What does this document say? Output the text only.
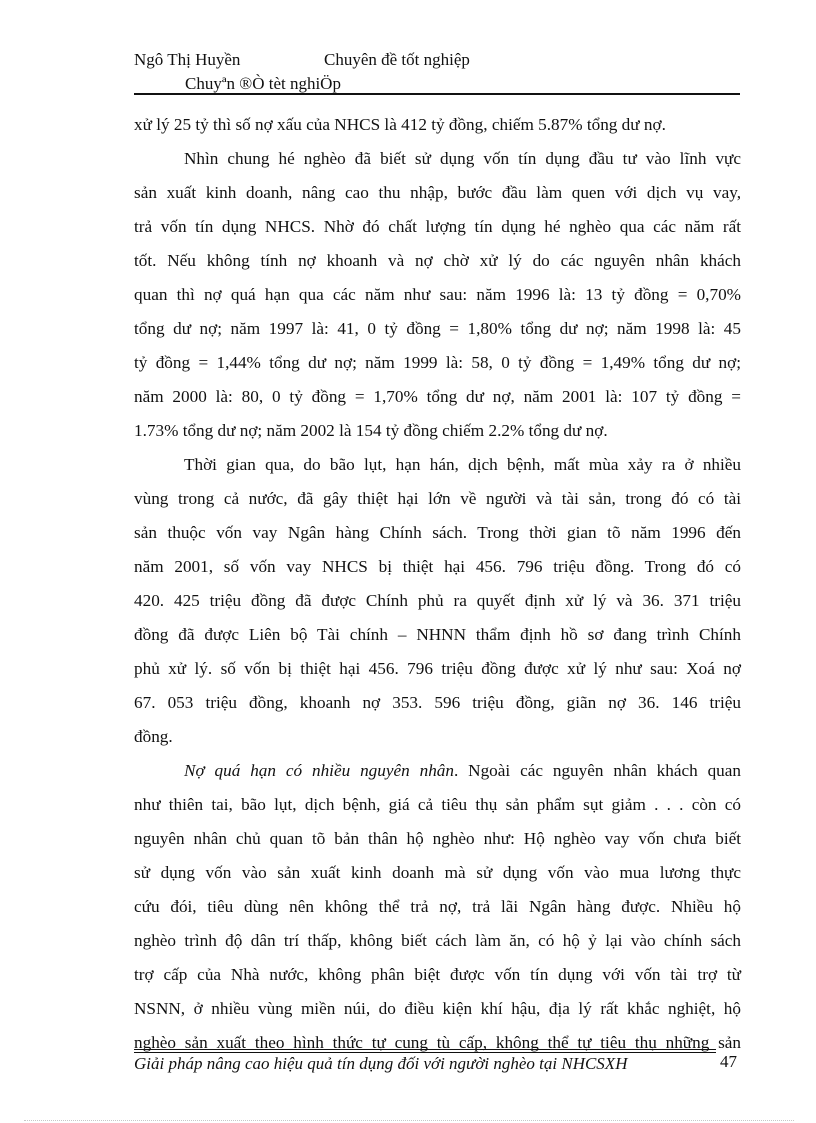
Ngô Thị Huyền	Chuyên đề tốt nghiệp
Chuyªn ®Ò tèt nghiÖp
xử lý 25 tỷ thì số nợ xấu của NHCS là 412 tỷ đồng, chiếm 5.87% tổng dư nợ.
Nhìn chung hé nghèo đã biết sử dụng vốn tín dụng đầu tư vào lĩnh vực
sản xuất kinh doanh, nâng cao thu nhập, bước đầu làm quen với dịch vụ vay,
trả vốn tín dụng NHCS. Nhờ đó chất lượng tín dụng hé nghèo qua các năm rất
tốt. Nếu không tính nợ khoanh và nợ chờ xử lý do các nguyên nhân khách
quan thì nợ quá hạn qua các năm như sau: năm 1996 là: 13 tỷ đồng = 0,70%
tổng dư nợ; năm 1997 là: 41, 0 tỷ đồng = 1,80% tổng dư nợ; năm 1998 là: 45
tỷ đồng = 1,44% tổng dư nợ; năm 1999 là: 58, 0 tỷ đồng = 1,49% tổng dư nợ;
năm 2000 là: 80, 0 tỷ đồng = 1,70% tổng dư nợ, năm 2001 là: 107 tỷ đồng =
1.73% tổng dư nợ; năm 2002 là 154 tỷ đồng chiếm 2.2% tổng dư nợ.
Thời gian qua, do bão lụt, hạn hán, dịch bệnh, mất mùa xảy ra ở nhiều
vùng trong cả nước, đã gây thiệt hại lớn về người và tài sản, trong đó có tài
sản thuộc vốn vay Ngân hàng Chính sách. Trong thời gian tõ năm 1996 đến
năm 2001, số vốn vay NHCS bị thiệt hại 456. 796 triệu đồng. Trong đó có
420. 425 triệu đồng đã được Chính phủ ra quyết định xử lý và 36. 371 triệu
đồng đã được Liên bộ Tài chính – NHNN thẩm định hồ sơ đang trình Chính
phủ xử lý. số vốn bị thiệt hại 456. 796 triệu đồng được xử lý như sau: Xoá nợ
67. 053 triệu đồng, khoanh nợ 353. 596 triệu đồng, giãn nợ 36. 146 triệu
đồng.
Nợ quá hạn có nhiều nguyên nhân. Ngoài các nguyên nhân khách quan
như thiên tai, bão lụt, dịch bệnh, giá cả tiêu thụ sản phẩm sụt giảm . . . còn có
nguyên nhân chủ quan tõ bản thân hộ nghèo như: Hộ nghèo vay vốn chưa biết
sử dụng vốn vào sản xuất kinh doanh mà sử dụng vốn vào mua lương thực
cứu đói, tiêu dùng nên không thể trả nợ, trả lãi Ngân hàng được. Nhiều hộ
nghèo trình độ dân trí thấp, không biết cách làm ăn, có hộ ỷ lại vào chính sách
trợ cấp của Nhà nước, không phân biệt được vốn tín dụng với vốn tài trợ từ
NSNN, ở nhiều vùng miền núi, do điều kiện khí hậu, địa lý rất khắc nghiệt, hộ
nghèo sản xuất theo hình thức tự cung tù cấp, không thể tự tiêu thụ những sản
Giải pháp nâng cao hiệu quả tín dụng đối với người nghèo tại NHCSXH	47
